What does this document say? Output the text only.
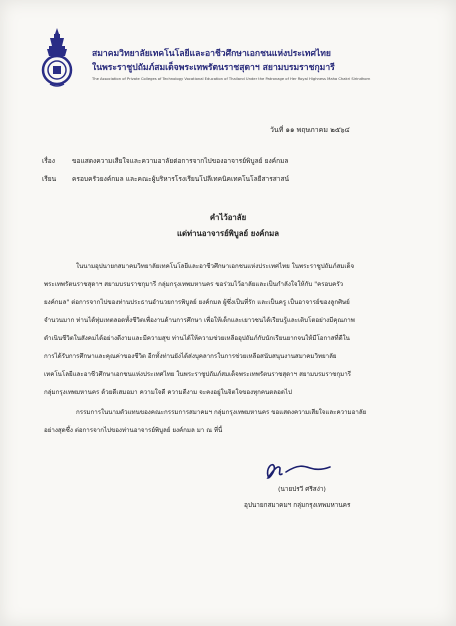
สมาคมวิทยาลัยเทคโนโลยีและอาชีวศึกษาเอกชนแห่งประเทศไทย
ในพระราชูปถัมภ์สมเด็จพระเทพรัตนราชสุดาฯ สยามบรมราชกุมารี
The Association of Private Colleges of Technology Vocational Education of Thailand Under the Patronage of Her Royal Highness Maha Chakri Sirindhorn
วันที่ ๑๑ พฤษภาคม ๒๕๖๔
เรื่อง	ขอแสดงความเสียใจและความอาลัยต่อการจากไปของอาจารย์พิบูลย์ ยงค์กมล
เรียน ครอบครัวยงค์กมล และคณะผู้บริหารโรงเรียนโปลีเทคนิคเทคโนโลยีสารสาสน์
คำไว้อาลัย
แด่ท่านอาจารย์พิบูลย์ ยงค์กมล
ในนามอุปนายกสมาคมวิทยาลัยเทคโนโลยีและอาชีวศึกษาเอกชนแห่งประเทศไทย ในพระราชูปถัมภ์สมเด็จ
พระเทพรัตนราชสุดาฯ สยามบรมราชกุมารี กลุ่มกรุงเทพมหานคร ขอร่วมไว้อาลัยและเป็นกำลังใจให้กับ "ครอบครัว
ยงค์กมล" ต่อการจากไปของท่านประธานอำนวยการพิบูลย์ ยงค์กมล ผู้ซึ่งเป็นที่รัก และเป็นครู เป็นอาจารย์ของลูกศิษย์
จำนวนมาก ท่านได้ทุ่มเทตลอดทั้งชีวิตเพื่องานด้านการศึกษา เพื่อให้เด็กและเยาวชนได้เรียนรู้และเติบโตอย่างมีคุณภาพ
ดำเนินชีวิตในสังคมได้อย่างดีงามและมีความสุข ท่านได้ให้ความช่วยเหลืออุปถัมภ์กับนักเรียนยากจนให้มีโอกาสที่ดีใน
การได้รับการศึกษาและคุณค่าของชีวิต อีกทั้งท่านยังได้ส่งบุคลากรในการช่วยเหลือสนับสนุนงานสมาคมวิทยาลัย
เทคโนโลยีและอาชีวศึกษาเอกชนแห่งประเทศไทย ในพระราชูปถัมภ์สมเด็จพระเทพรัตนราชสุดาฯ สยามบรมราชกุมารี
กลุ่มกรุงเทพมหานคร ด้วยดีเสมอมา ความใจดี ความดีงาม จะคงอยู่ในจิตใจของทุกคนตลอดไป
กรรมการในนามตัวแทนของคณะกรรมการสมาคมฯ กลุ่มกรุงเทพมหานคร ขอแสดงความเสียใจและความอาลัย
อย่างสุดซึ้ง ต่อการจากไปของท่านอาจารย์พิบูลย์ ยงค์กมล มา ณ ที่นี้
(นายปรวี ศรีสง่า)
อุปนายกสมาคมฯ กลุ่มกรุงเทพมหานคร
